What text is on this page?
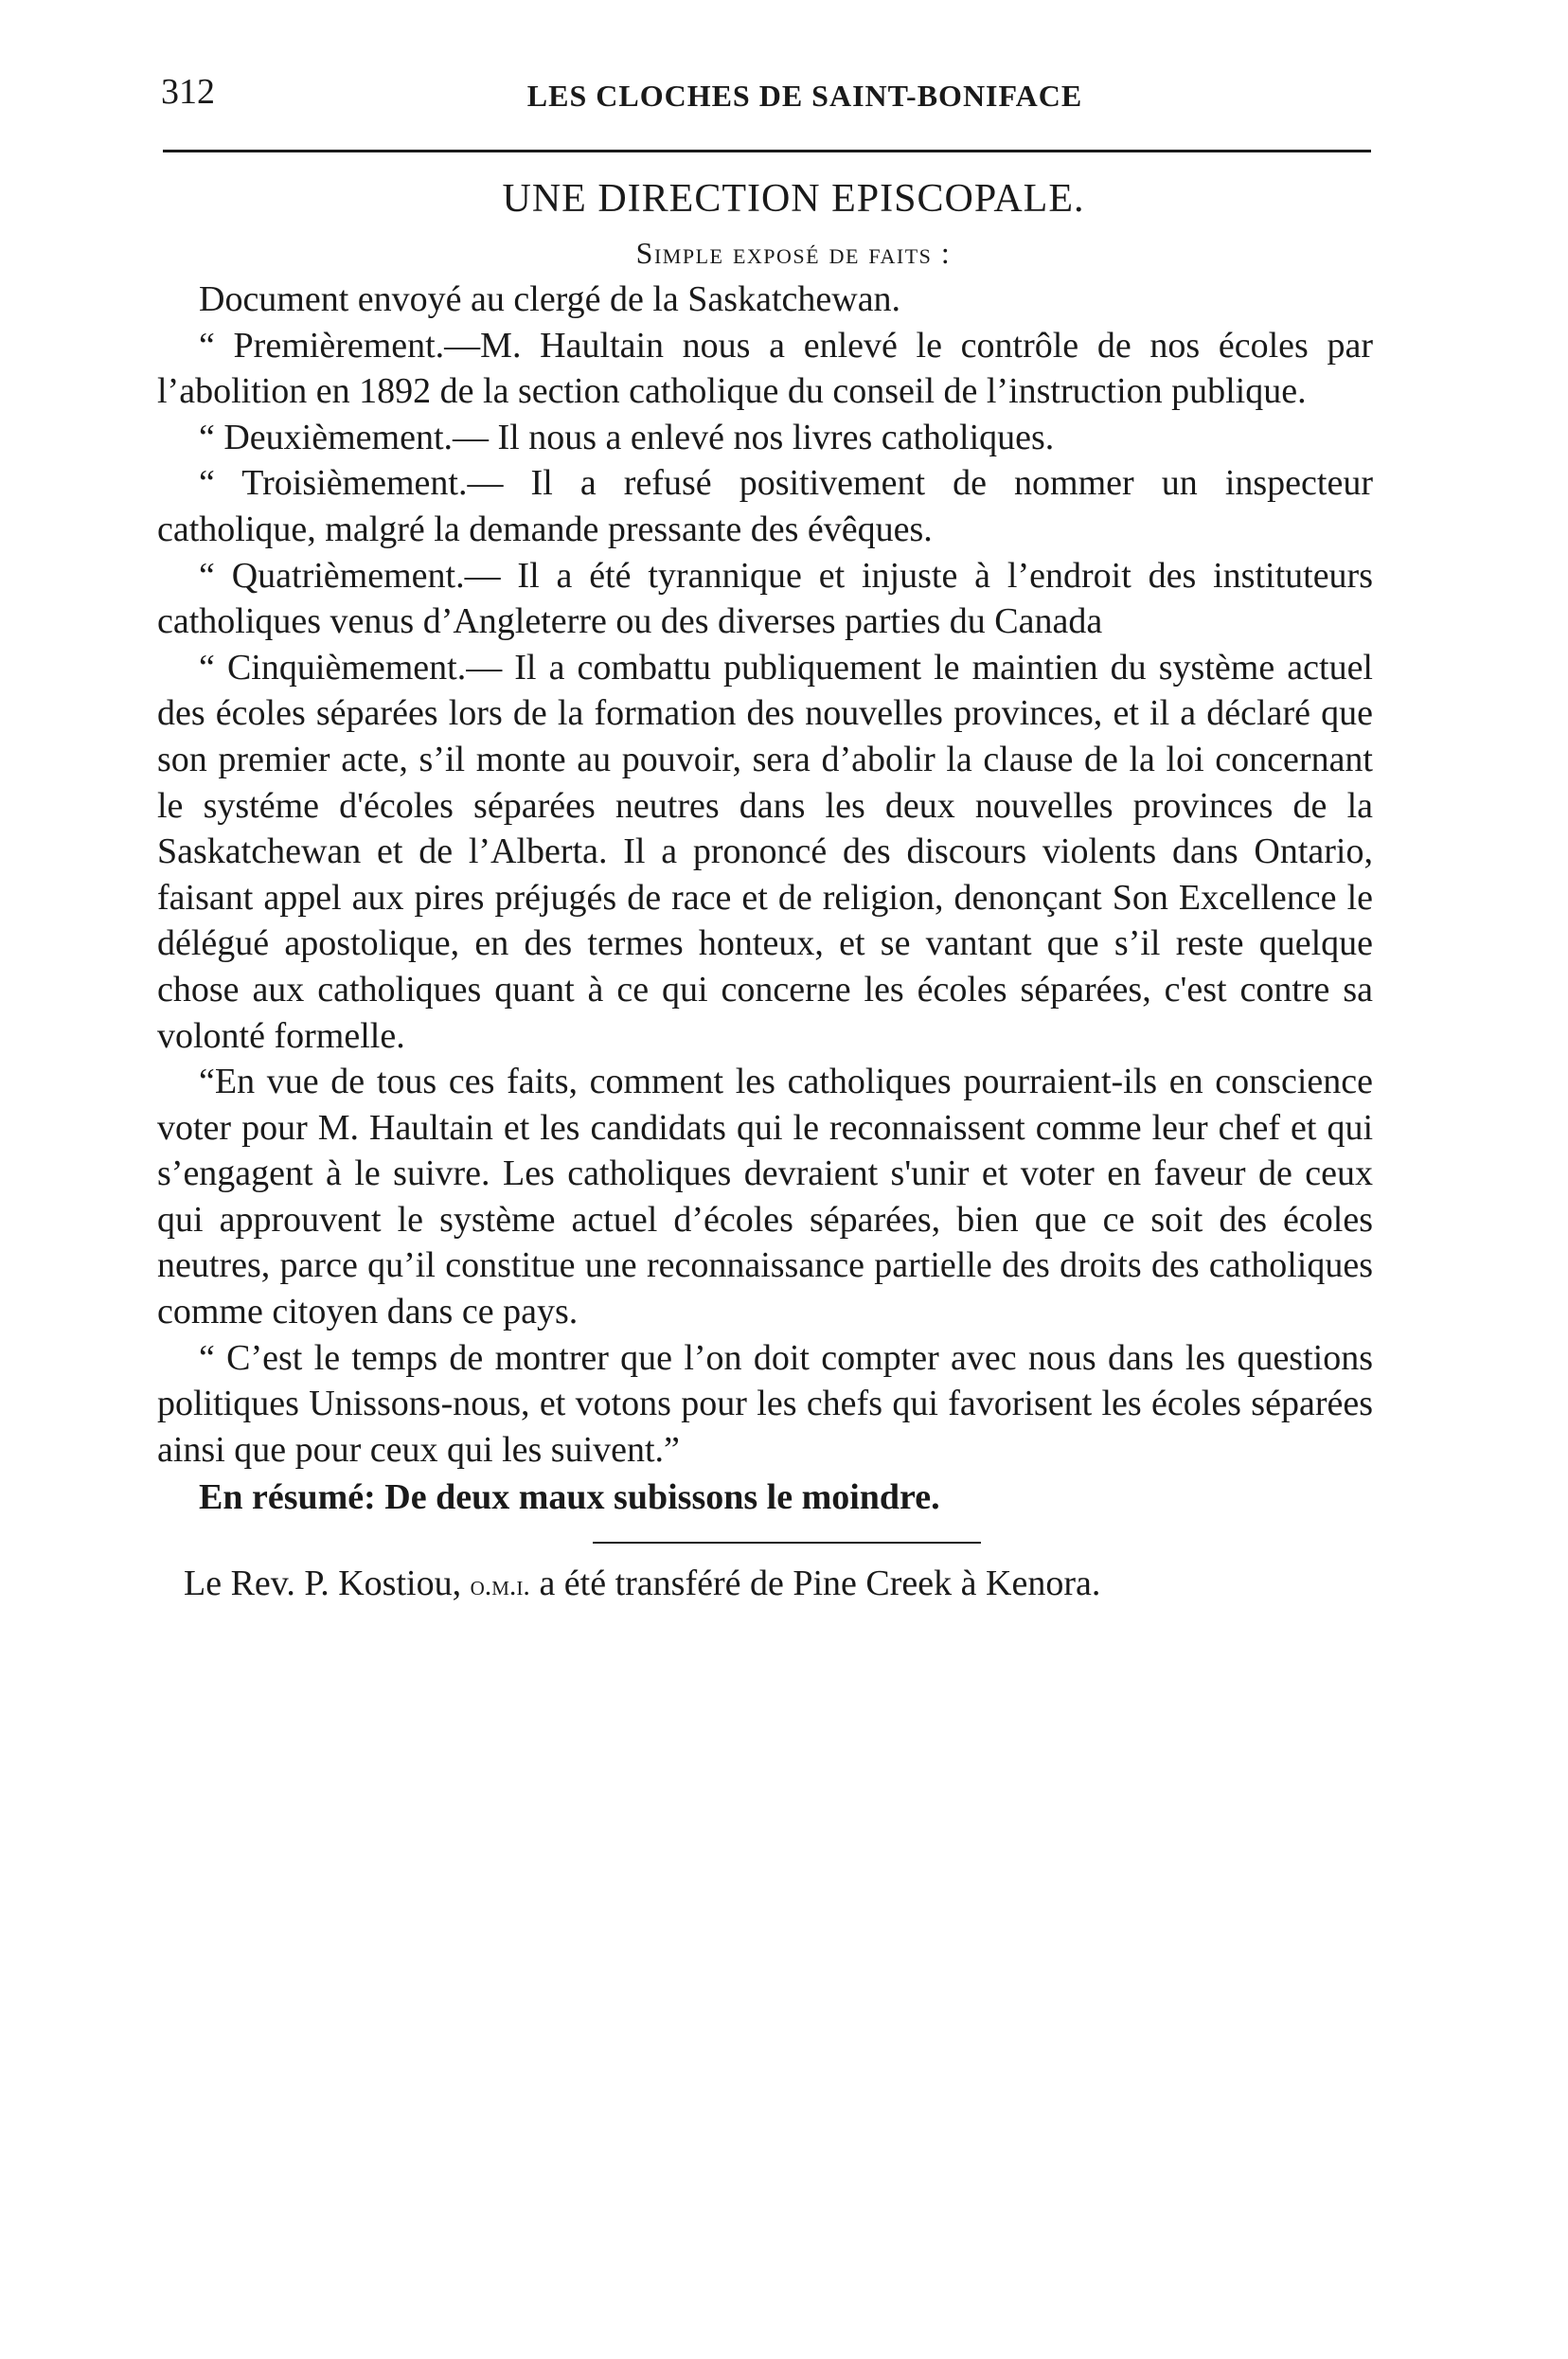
312	LES CLOCHES DE SAINT-BONIFACE
UNE DIRECTION EPISCOPALE.
Simple exposé de faits :

Document envoyé au clergé de la Saskatchewan.

“ Premièrement.—M. Haultain nous a enlevé le contrôle de nos écoles par l’abolition en 1892 de la section catholique du conseil de l’instruction publique.

“ Deuxièmement.— Il nous a enlevé nos livres catholiques.

“ Troisièmement.— Il a refusé positivement de nommer un inspecteur catholique, malgré la demande pressante des évêques.

“ Quatrièmement.— Il a été tyrannique et injuste à l’endroit des instituteurs catholiques venus d’Angleterre ou des diverses parties du Canada

“ Cinquièmement.— Il a combattu publiquement le maintien du système actuel des écoles séparées lors de la formation des nouvelles provinces, et il a déclaré que son premier acte, s’il monte au pouvoir, sera d’abolir la clause de la loi concernant le systéme d'écoles séparées neutres dans les deux nouvelles provinces de la Saskatchewan et de l’Alberta. Il a prononcé des discours violents dans Ontario, faisant appel aux pires préjugés de race et de religion, denonçant Son Excellence le délégué apostolique, en des termes honteux, et se vantant que s’il reste quelque chose aux catholiques quant à ce qui concerne les écoles séparées, c'est contre sa volonté formelle.

“En vue de tous ces faits, comment les catholiques pourraient-ils en conscience voter pour M. Haultain et les candidats qui le reconnaissent comme leur chef et qui s’engagent à le suivre. Les catholiques devraient s'unir et voter en faveur de ceux qui approuvent le système actuel d’écoles séparées, bien que ce soit des écoles neutres, parce qu’il constitue une reconnaissance partielle des droits des catholiques comme citoyen dans ce pays.

“ C’est le temps de montrer que l’on doit compter avec nous dans les questions politiques Unissons-nous, et votons pour les chefs qui favorisent les écoles séparées ainsi que pour ceux qui les suivent.”

En résumé: De deux maux subissons le moindre.

Le Rev. P. Kostiou, o.m.i. a été transféré de Pine Creek à Kenora.
